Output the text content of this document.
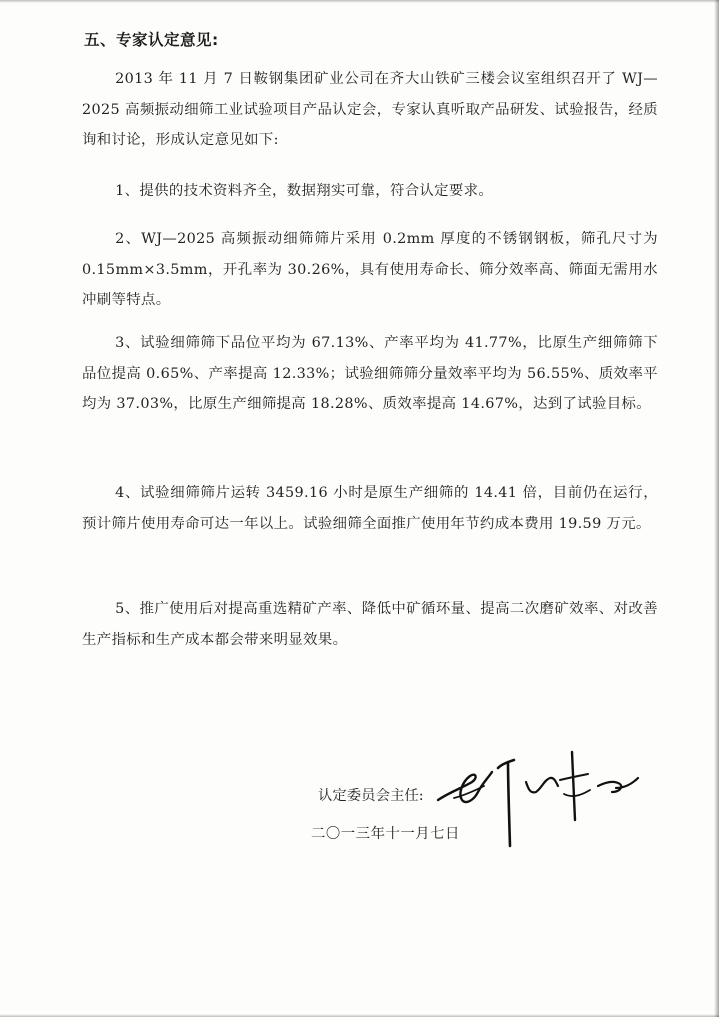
五、专家认定意见:

2013 年 11 月 7 日鞍钢集团矿业公司在齐大山铁矿三楼会议室组织召开了 WJ—2025 高频振动细筛工业试验项目产品认定会，专家认真听取产品研发、试验报告，经质询和讨论，形成认定意见如下:

1、提供的技术资料齐全，数据翔实可靠，符合认定要求。

2、WJ—2025 高频振动细筛筛片采用 0.2mm 厚度的不锈钢钢板，筛孔尺寸为 0.15mm×3.5mm，开孔率为 30.26%，具有使用寿命长、筛分效率高、筛面无需用水冲刷等特点。

3、试验细筛筛下品位平均为 67.13%、产率平均为 41.77%，比原生产细筛筛下品位提高 0.65%、产率提高 12.33%；试验细筛筛分量效率平均为 56.55%、质效率平均为 37.03%，比原生产细筛提高 18.28%、质效率提高 14.67%，达到了试验目标。

4、试验细筛筛片运转 3459.16 小时是原生产细筛的 14.41 倍，目前仍在运行，预计筛片使用寿命可达一年以上。试验细筛全面推广使用年节约成本费用 19.59 万元。

5、推广使用后对提高重选精矿产率、降低中矿循环量、提高二次磨矿效率、对改善生产指标和生产成本都会带来明显效果。

认定委员会主任:
二〇一三年十一月七日
